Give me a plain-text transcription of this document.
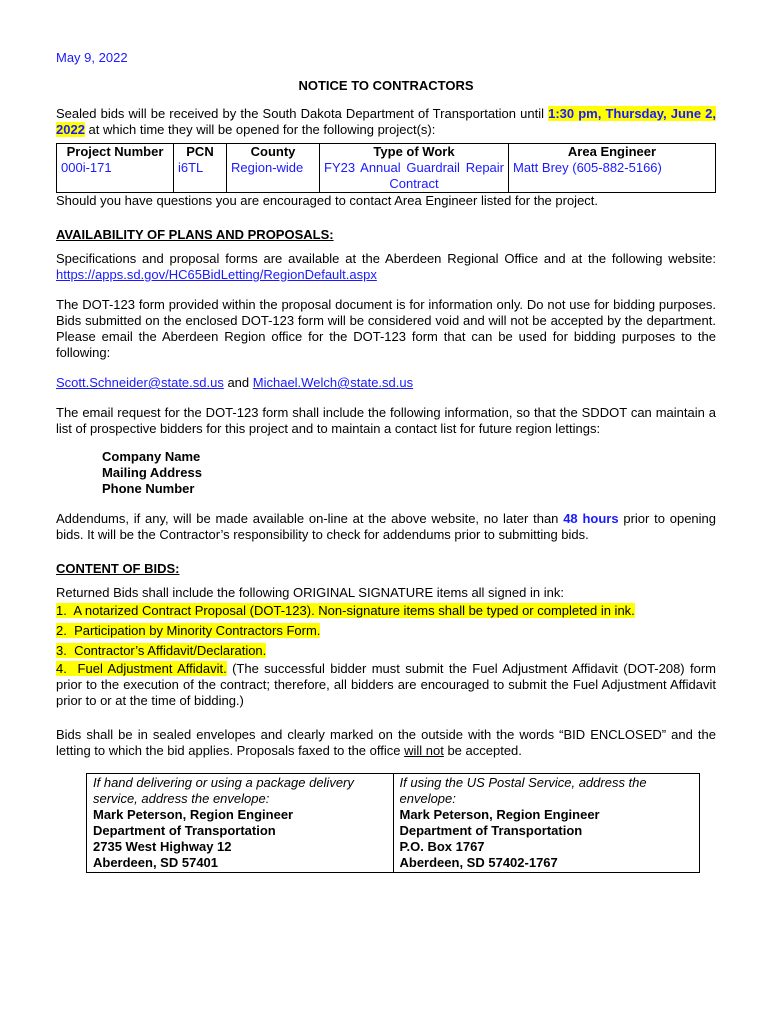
May 9, 2022
NOTICE TO CONTRACTORS

Sealed bids will be received by the South Dakota Department of Transportation until 1:30 pm, Thursday, June 2, 2022 at which time they will be opened for the following project(s):

Project Number	PCN	County	Type of Work	Area Engineer
000i-171	i6TL	Region-wide	FY23 Annual Guardrail Repair Contract	Matt Brey (605-882-5166)

Should you have questions you are encouraged to contact Area Engineer listed for the project.

AVAILABILITY OF PLANS AND PROPOSALS:

Specifications and proposal forms are available at the Aberdeen Regional Office and at the following website: https://apps.sd.gov/HC65BidLetting/RegionDefault.aspx

The DOT-123 form provided within the proposal document is for information only. Do not use for bidding purposes. Bids submitted on the enclosed DOT-123 form will be considered void and will not be accepted by the department. Please email the Aberdeen Region office for the DOT-123 form that can be used for bidding purposes to the following:

Scott.Schneider@state.sd.us and Michael.Welch@state.sd.us

The email request for the DOT-123 form shall include the following information, so that the SDDOT can maintain a list of prospective bidders for this project and to maintain a contact list for future region lettings:

Company Name
Mailing Address
Phone Number

Addendums, if any, will be made available on-line at the above website, no later than 48 hours prior to opening bids. It will be the Contractor’s responsibility to check for addendums prior to submitting bids.

CONTENT OF BIDS:

Returned Bids shall include the following ORIGINAL SIGNATURE items all signed in ink:

1.  A notarized Contract Proposal (DOT-123). Non-signature items shall be typed or completed in ink.
2.  Participation by Minority Contractors Form.
3.  Contractor’s Affidavit/Declaration.

4.  Fuel Adjustment Affidavit. (The successful bidder must submit the Fuel Adjustment Affidavit (DOT-208) form prior to the execution of the contract; therefore, all bidders are encouraged to submit the Fuel Adjustment Affidavit prior to or at the time of bidding.)

Bids shall be in sealed envelopes and clearly marked on the outside with the words “BID ENCLOSED” and the letting to which the bid applies. Proposals faxed to the office will not be accepted.

If hand delivering or using a package delivery service, address the envelope:
Mark Peterson, Region Engineer
Department of Transportation
2735 West Highway 12
Aberdeen, SD 57401

If using the US Postal Service, address the envelope:
Mark Peterson, Region Engineer
Department of Transportation
P.O. Box 1767
Aberdeen, SD 57402-1767
